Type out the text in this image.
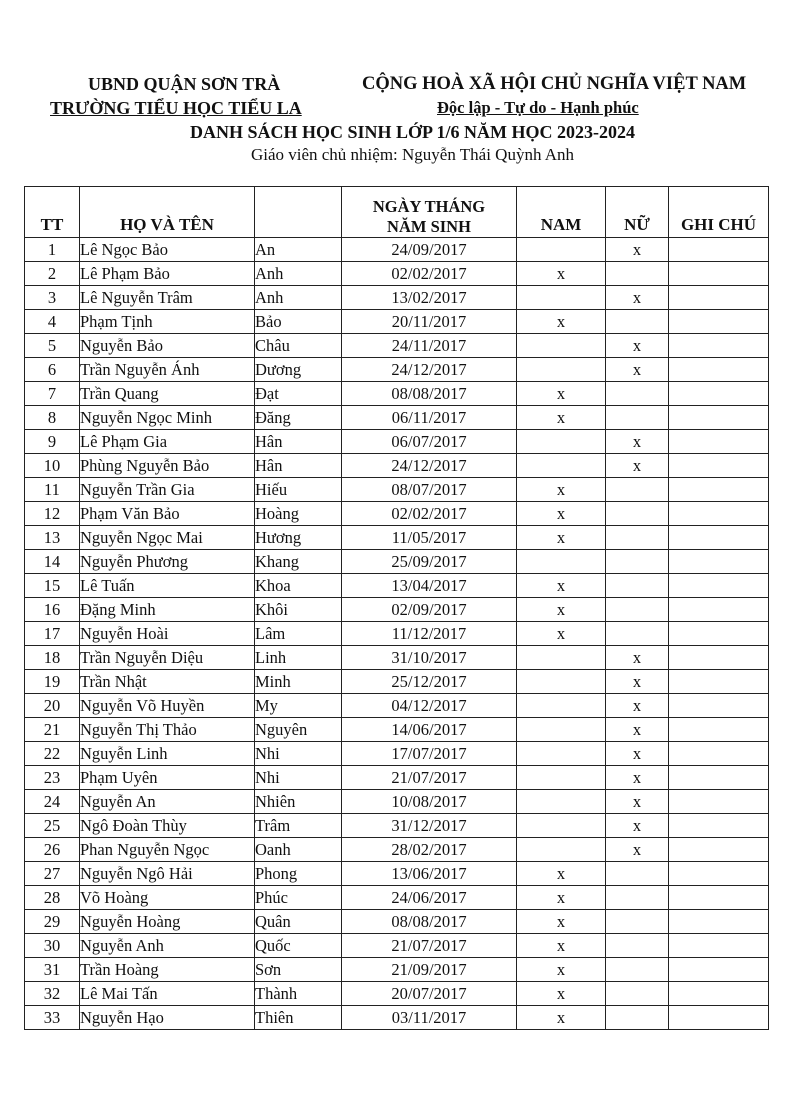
UBND QUẬN SƠN TRÀ
TRƯỜNG TIỂU HỌC TIỂU LA
CỘNG HOÀ XÃ HỘI CHỦ NGHĨA VIỆT NAM
Độc lập - Tự do - Hạnh phúc
DANH SÁCH HỌC SINH LỚP 1/6 NĂM HỌC 2023-2024
Giáo viên chủ nhiệm: Nguyễn Thái Quỳnh Anh
TT	HỌ VÀ TÊN		NGÀY THÁNG
NĂM SINH	NAM	NỮ	GHI CHÚ
1	Lê Ngọc Bảo	An	24/09/2017		x	
2	Lê Phạm Bảo	Anh	02/02/2017	x		
3	Lê Nguyễn Trâm	Anh	13/02/2017		x	
4	Phạm Tịnh	Bảo	20/11/2017	x		
5	Nguyễn Bảo	Châu	24/11/2017		x	
6	Trần Nguyễn Ánh	Dương	24/12/2017		x	
7	Trần Quang	Đạt	08/08/2017	x		
8	Nguyễn Ngọc Minh	Đăng	06/11/2017	x		
9	Lê Phạm Gia	Hân	06/07/2017		x	
10	Phùng Nguyễn Bảo	Hân	24/12/2017		x	
11	Nguyễn Trần Gia	Hiếu	08/07/2017	x		
12	Phạm Văn Bảo	Hoàng	02/02/2017	x		
13	Nguyễn Ngọc Mai	Hương	11/05/2017	x		
14	Nguyễn Phương	Khang	25/09/2017			
15	Lê Tuấn	Khoa	13/04/2017	x		
16	Đặng Minh	Khôi	02/09/2017	x		
17	Nguyễn Hoài	Lâm	11/12/2017	x		
18	Trần Nguyễn Diệu	Linh	31/10/2017		x	
19	Trần Nhật	Minh	25/12/2017		x	
20	Nguyễn Võ Huyền	My	04/12/2017		x	
21	Nguyễn Thị Thảo	Nguyên	14/06/2017		x	
22	Nguyễn Linh	Nhi	17/07/2017		x	
23	Phạm Uyên	Nhi	21/07/2017		x	
24	Nguyễn An	Nhiên	10/08/2017		x	
25	Ngô Đoàn Thùy	Trâm	31/12/2017		x	
26	Phan Nguyễn Ngọc	Oanh	28/02/2017		x	
27	Nguyễn Ngô Hải	Phong	13/06/2017	x		
28	Võ Hoàng	Phúc	24/06/2017	x		
29	Nguyễn Hoàng	Quân	08/08/2017	x		
30	Nguyễn Anh	Quốc	21/07/2017	x		
31	Trần Hoàng	Sơn	21/09/2017	x		
32	Lê Mai Tấn	Thành	20/07/2017	x		
33	Nguyễn Hạo	Thiên	03/11/2017	x		
